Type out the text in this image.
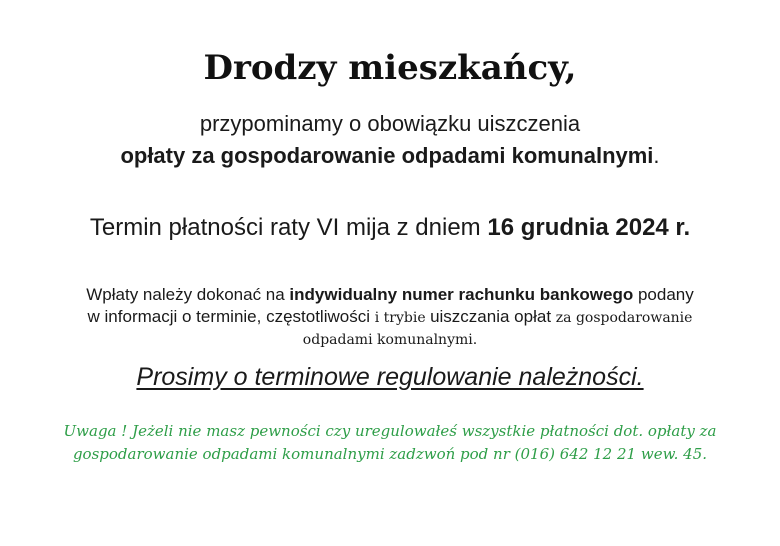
Drodzy mieszkańcy,
przypominamy o obowiązku uiszczenia
opłaty za gospodarowanie odpadami komunalnymi.
Termin płatności raty VI mija z dniem 16 grudnia 2024 r.
Wpłaty należy dokonać na indywidualny numer rachunku bankowego podany
w informacji o terminie, częstotliwości i trybie uiszczania opłat za gospodarowanie
odpadami komunalnymi.
Prosimy o terminowe regulowanie należności.
Uwaga ! Jeżeli nie masz pewności czy uregulowałeś wszystkie płatności dot. opłaty za
gospodarowanie odpadami komunalnymi zadzwoń pod nr (016) 642 12 21 wew. 45.
